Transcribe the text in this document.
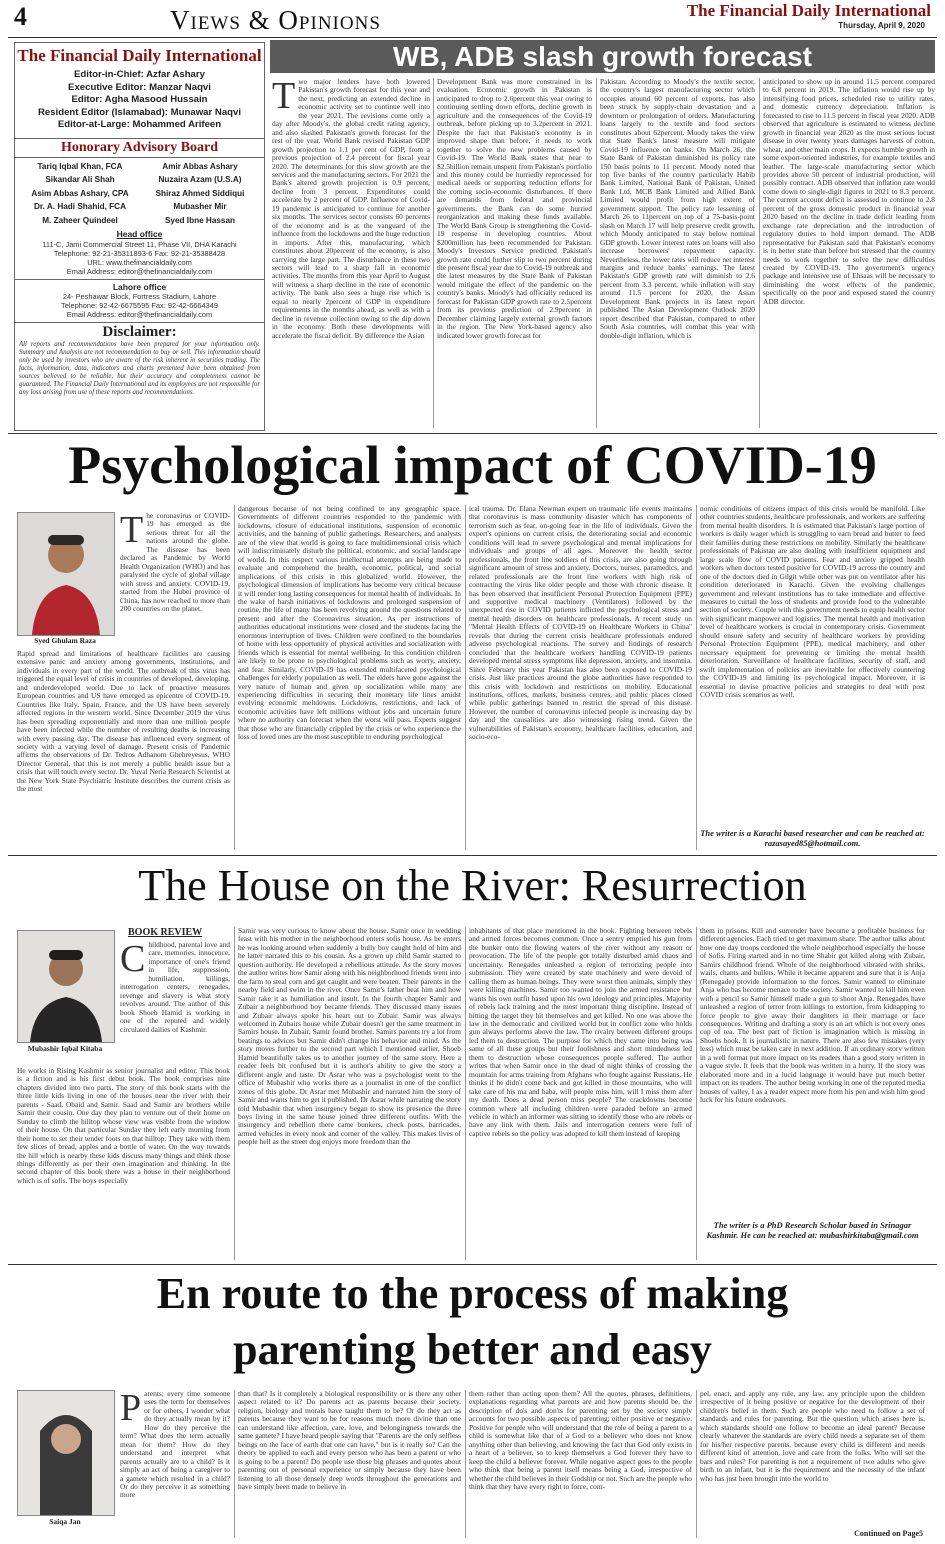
4	Views & Opinions	The Financial Daily International
Thursday, April 9, 2020
The Financial Daily International

Editor-in-Chief: Azfar Ashary

Executive Editor: Manzar Naqvi

Editor: Agha Masood Hussain

Resident Editor (Islamabad): Munawar Naqvi

Editor-at-Large: Mohammed Arifeen

Honorary Advisory Board

Tariq Iqbal Khan, FCA

Sikandar Ali Shah

Asim Abbas Ashary, CPA

Dr. A. Hadi Shahid, FCA

M. Zaheer Quindeel

Amir Abbas Ashary

Nuzaira Azam (U.S.A)

Shiraz Ahmed Siddiqui

Mubasher Mir

Syed Ibne Hassan

Head office

111-C, Jami Commercial Street 11, Phase VII, DHA Karachi

Telephone: 92-21-35311893-6 Fax: 92-21-35388428

URL: www.thefinancialdaily.com

Email Address: editor@thefinancialdaily.com

Lahore office

24- Peshawar Block, Fortress Stadium, Lahore

Telephone: 92-42-6675595 Fax: 92-42-6664349

Email Address: editor@thefinancialdaily.com

Disclaimer:
All reports and recommendations have been prepared for your information only. Summary and Analysis are not recommendation to buy or sell. This information should only be used by investors who are aware of the risk inherent in securities trading. The facts, information, data, indicators and charts presented have been obtained from sources believed to be reliable, but their accuracy and completeness cannot be guaranteed. The Financial Daily International and its employees are not responsible for any loss arising from use of these reports and recommendations.
WB, ADB slash growth forecast
Two major lenders have both lowered Pakistan's growth forecast for this year and the next, predicting an extended decline in economic activity set to continue well into the year 2021. The revisions come only a day after Moody's, the global credit rating agency, and also slashed Pakistan's growth forecast for the rest of the year. World Bank revised Pakistan GDP growth projection to 1.1 per cent of GDP, from a previous projection of 2.4 percent for fiscal year 2020. The determinants for this slow growth are the services and the manufacturing sectors. For 2021 the Bank's altered growth projection is 0.9 percent, decline from 3 percent. Expenditures could accelerate by 2 percent of GDP. Influence of Covid-19 pandemic is anticipated to continue for another six months. The services sector consists 60 percents of the economy and is at the vanguard of the influence from the lockdowns and the huge reduction in imports. After this, manufacturing, which constitutes about 20percent of the economy, is also carrying the large part. The disturbance in these two sectors will lead to a sharp fall in economic activities. The months from this year April to August will witness a sharp decline in the rate of economic activity. The bank also sees a huge rise which is equal to nearly 2percent of GDP in expenditure requirements in the months ahead, as well as with a decline in revenue collection owing to the dip down in the economy. Both these developments will accelerate the fiscal deficit. By difference the Asian
Development Bank was more constrained in its evaluation. Economic growth in Pakistan is anticipated to drop to 2.6percent this year owing to continuing settling down efforts, decline growth in agriculture and the consequences of the Covid-19 outbreak, before picking up to 3.2percent in 2021. Despite the fact that Pakistan's economy is in improved shape than before, it needs to work together to solve the new problems caused by Covid-19. The World Bank states that near to $2.5billion remain unspent from Pakistan's portfolio and this money could be hurriedly reprocessed for medical needs or supporting reduction efforts for the coming socio-economic disturbances. If there are demands from federal and provincial governments, the Bank can do some hurried reorganization and making these funds available. The World Bank Group is strengthening the Covid-19 response in developing countries. About $200million has been recommended for Pakistan. Moody's Investors Service predicted Pakistan's growth rate could further slip to two percent during the present fiscal year due to Covid-19 outbreak and the latest measures by the State Bank of Pakistan would mitigate the effect of the pandemic on the country's banks. Moody's had officially reduced its forecast for Pakistan GDP growth rate to 2.5percent from its previous prediction of 2.9percent in December claiming largely external growth factors in the region. The New York-based agency also indicated lower growth forecast for
Pakistan. According to Moody's the textile sector, the country's largest manufacturing sector which occupies around 60 percent of exports, has also been struck by supply-chain devastation and a downturn or prolongation of orders. Manufacturing loans largely to the textile and food sectors constitutes about 62percent. Moody takes the view that State Bank's latest measure will mitigate Covid-19 influence on banks. On March 26, the State Bank of Pakistan diminished its policy rate 150 basis points to 11 percent. Moody noted that top five banks of the country particularly Habib Bank Limited, National Bank of Pakistan, United Bank Ltd, MCB Bank Limited and Allied Bank Limited would profit from high extent of government support. The policy rate lessening of March 26 to 11percent on top of a 75-basis-point slash on March 17 will help preserve credit growth, which Moody anticipated to stay below nominal GDP growth. Lower interest rates on loans will also increase borrowers' repayment capacity. Nevertheless, the lower rates will reduce net interest margins and reduce banks' earnings. The latest Pakistan's GDP growth rate will diminish to 2.6 percent from 3.3 percent, while inflation will stay around 11.5 percent for 2020, the Asian Development Bank projects in its latest report published The Asian Development Outlook 2020 report described that Pakistan, compared to other South Asia countries, will combat this year with double-digit inflation, which is
anticipated to show up in around 11.5 percent compared to 6.8 percent in 2019. The inflation would rise up by intensifying food prices, scheduled rise to utility rates, and domestic currency depreciation. Inflation is forecasted to rise to 11.5 percent in fiscal year 2020. ADB observed that agriculture is estimated to witness decline growth in financial year 2020 as the most serious locust disease in over twenty years damages harvests of cotton, wheat, and other main crops. It expects humble growth in some export-oriented industries, for example textiles and leather. The large-scale manufacturing sector which provides above 50 percent of industrial production, will possibly contract. ADB observed that inflation rate would come down to single-digit figures in 2021 to 8.3 percent. The current account deficit is assessed to continue to 2.8 percent of the gross domestic product in financial year 2020 based on the decline in trade deficit leading from exchange rate depreciation and the introduction of regulatory duties to hold import demand. The ADB representative for Pakistan said that Pakistan's economy is in better state than before but stressed that the country needs to work together to solve the new difficulties created by COVID-19. The government's urgency package and intensive use of Ehsaas will be necessary to diminishing the worst effects of the pandemic, specifically on the poor and exposed stated the country ADB director.
Psychological impact of COVID-19
Syed Ghulam Raza
The coronavirus or COVID-19 has emerged as the serious threat for all the nations around the globe. The disease has been declared as Pandemic by World Health Organization (WHO) and has paralysed the cycle of global village with stress and anxiety. COVID-19, started from the Hubei province of China, has now reached to more than 200 countries on the planet.
Rapid spread and limitations of healthcare facilities are causing extensive panic and anxiety among governments, institutions, and individuals in every part of the world. The outbreak of this virus has triggered the equal level of crisis in countries of developed, developing, and underdeveloped world. Due to lack of proactive measures European countries and US have emerged as epicentre of COVID-19. Countries like Italy, Spain, France, and the US have been severely affected regions in the western world. Since December 2019 the virus has been spreading exponentially and more than one million people have been infected while the number of resulting deaths is increasing with every passing day. The disease has influenced every segment of society with a varying level of damage. Present crisis of Pandemic affirms the observations of Dr. Tedros Adhanom Ghebreyesus, WHO Director General, that this is not merely a public health issue but a crisis that will touch every sector. Dr. Yuval Neria Research Scientist at the New York State Psychiatric Institute describes the current crisis as the most
dangerous because of not being confined to any geographic space. Governments of different countries responded to the pandemic with lockdowns, closure of educational institutions, suspension of economic activities, and the banning of public gatherings. Researchers, and analysts are of the view that world is going to face multidimensional crisis which will indiscriminately disturb the political, economic, and social landscape of world. In this respect various intellectual attempts are being made to evaluate and comprehend the health, economic, political, and social implications of this crisis in this globalized world. However, the psychological dimension of implications has become very critical because it will render long lasting consequences for mental health of individuals. In the wake of harsh initiatives of lockdowns and prolonged suspension of routine, the life of many has been revolving around the questions related to present and after the Coronavirus situation. As per instructions of authorities educational institutions were closed and the students facing the enormous interruption of lives. Children were confined to the boundaries of home with less opportunity of physical activities and socialization with friends which is essential for mental wellbeing. In this condition children are likely to be prone to psychological problems such as worry, anxiety, and fear. Similarly, COVID-19 has extended multifaceted psychological challenges for elderly population as well. The elders have gone against the very nature of human and given up socialization while many are experiencing difficulties in securing their monetary life lines amidst evolving economic meltdowns. Lockdowns, restrictions, and lack of economic activities have left millions without jobs and uncertain future where no authority can forecast when the worst will pass. Experts suggest that those who are financially crippled by the crisis or who experience the loss of loved ones are the most susceptible to enduring psychological
ical trauma. Dr. Elana Newman expert on traumatic life events maintains that coronavirus is mass community disaster which has components of terrorism such as fear, on-going fear in the life of individuals. Given the expert's opinions on current crisis, the deteriorating social and economic conditions will lead to severe psychological and mental implications for individuals and groups of all ages. Moreover the health sector professionals, the front line soldiers of this crisis, are also going through significant amount of stress and anxiety. Doctors, nurses, paramedics, and related professionals are the front line workers with high risk of contracting the virus like older people and those with chronic disease. It has been observed that insufficient Personal Protection Equipment (PPE) and supportive medical machinery (Ventilators) followed by the unexpected rise in COVID patients inflicted the psychological stress and mental health disorders on healthcare professionals. A recent study on "Mental Health Effects of COVID-19 on Healthcare Workers in China" reveals that during the current crisis healthcare professionals endured adverse psychological reactions. The survey and findings of research concluded that the healthcare workers handling COVID-19 patients developed mental stress symptoms like depression, anxiety, and insomnia. Since February this year Pakistan has also been exposed to COVID-19 crisis. Just like practices around the globe authorities have responded to this crisis with lockdown and restrictions on mobility. Educational institutions, offices, markets, business centres, and public places closed while public gatherings banned to restrict the spread of this disease. However, the number of coronavirus infected people is increasing day by day and the causalities are also witnessing rising trend. Given the vulnerabilities of Pakistan's economy, healthcare facilities, education, and socio-eco-
nomic conditions of citizens impact of this crisis would be manifold. Like other countries students, healthcare professionals, and workers are suffering from mental health disorders. It is estimated that Pakistan's large portion of workers is daily wager which is struggling to earn bread and butter to feed their families during these restrictions on mobility. Similarly the healthcare professionals of Pakistan are also dealing with insufficient equipment and large scale flow of COVID patients. Fear and anxiety gripped health workers when doctors tested positive for COVID-19 across the country and one of the doctors died in Gilgit while other was put on ventilator after his condition deteriorated in Karachi. Given the evolving challenges government and relevant institutions has to take immediate and effective measures to curtail the loss of students and provide food to the vulnerable section of society. Couple with this government needs to equip health sector with significant manpower and logistics. The mental health and motivation level of healthcare workers is crucial in contemporary crisis. Government should ensure safety and security of healthcare workers by providing Personal Protection Equipment (PPE), medical machinery, and other necessary equipment for preventing or limiting the mental health deterioration. Surveillance of healthcare facilities, security of staff, and swift implementation of policies are inevitable for effectively countering the COVID-19 and limiting its psychological impact. Moreover, it is essential to devise proactive policies and strategies to deal with post COVID crisis scenarios as well.
The writer is a Karachi based researcher and can be reached at: razasayed85@hotmail.com.
The House on the River: Resurrection
Mubashir Iqbal Kitaba
BOOK REVIEW
Childhood, parental love and care, memories, innocence, importance of one's friend in life, suppression, humiliation, killings, interrogation centers, renegades, revenge and slavery is what story revolves around. The author of this book Shoeb Hamid is working in one of the reputed and widely circulated dailies of Kashmir.
He works in Rising Kashmir as senior journalist and editor. This book is a fiction and is his first debut book. The book comprises nine chapters divided into two parts. The story of this book starts with the three little kids living in one of the houses near the river with their parents - Saad, Obaid and Samir. Saad and Samir are brothers while Samir their cousin. One day they plan to venture out of their home on Sunday to climb the hilltop whose view was visible from the window of their house. On that particular Sunday they left early morning from their home to set their tender foots on that hilltop. They take with them few slices of bread, apples and a bottle of water. On the way towards the hill which is nearby these kids discuss many things and think those things differently as per their own imagination and thinking. In the second chapter of this book there was a house in their neighborhood which is of sofis. The boys especially
Samir was very curious to know about the house. Samir once in wedding feast with his mother in the neighborhood enters sofis house. As he enters he was looking around when suddenly a bully boy caught hold of him and he latter narrated this to his cousin. As a grown up child Samir started to question authority. He developed a rebellious attitude. As the story moves the author writes how Samir along with his neighborhood friends went into the farm to steal corn and get caught and were beaten. Their parents in the nearby field and swim in the river. Once Samir's father beat him and how Samir take it as humiliation and insult. In the fourth chapter Samir and Zubair a neighborhood boy became friends. They discussed many issues and Zubair always spoke his heart out to Zubair. Samir was always welcomed in Zubairs house while Zubair doesn't get the same treatment in Samirs house. In Zubair, Samir found brother. Samirs parents try a lot from beatings to advices but Samir didn't change his behavior and mind. As the story moves further to the second part which I mentioned earlier, Shoeb Hamid beautifully takes us to another journey of the same story. Here a reader feels bit confused but it is author's ability to give the story a different angle and taste. Dr Asrar who was a psychologist went to the office of Mubashir who works there as a journalist in one of the conflict zones of this globe. Dr Asrar met Mubashir and narrated him the story of Samir and wants him to get it published. Dr Asrar while narrating the story told Mubashir that when insurgency began to show its presence the three boys living in the same house joined three different outfits. With the insurgency and rebellion there came bunkers, check posts, barricades, armed vehicles in every nook and corner of the valley. This makes lives of people hell as the street dog enjoys more freedom than the
inhabitants of that place mentioned in the book. Fighting between rebels and armed forces becomes common. Once a sentry emptied his gun from the bunker onto the flowing waters of the river without any reason or provocation. The life of the people got totally disturbed amid chaos and uncertainty. Renegades unleashed a region of terrorizing people into submission. They were created by state machinery and were devoid of calling them as human beings. They were worst then animals, simply they were killing machines. Samir too wanted to join the armed resistance but wants his own outfit based upon his own ideology and principles. Majority of rebels lack training and the most important thing discipline. Instead of hitting the target they hit themselves and get killed. No one was above the law in the democratic and civilized world but in conflict zone who holds gun always performs above the law. The rivalry between different groups led them to destruction. The purpose for which they came into being was same of all these groups but their foolishness and short mindedness led them to destruction whose consequences people suffered. The author writes that when Samir once in the dead of night thinks of crossing the mountain for arms training from Afghans who fought against Russians. He thinks if he didn't come back and got killed in those mountains, who will take care of his ma and baba, will people miss him, will I miss them after my death. Does a dead person miss people? The crackdowns become common where all including children were paraded before an armed vehicle in which an informer was sitting to identify those who are rebels or have any link with them. Jails and interrogation centers were full of captive rebels so the policy was adopted to kill them instead of keeping
them in prisons. Kill and surrender have become a profitable business for different agencies. Each tried to get maximum share. The author talks about how one day troops cordoned the whole neighborhood especially the house of Sofis. Firing started and in no time Shabir got killed along with Zubair, Samirs childhood friend. Whole of the neighborhood vibrated with shriks, wails, chants and bullets. While it became apparent and sure that it is Anja (Renegade) provide information to the forces. Samir wanted to eliminate Anja who has become menace to the society. Samir wanted to kill him even with a pencil so Samir himself made a gun to shoot Anja. Renegades have unleashed a region of terror from killings to extortion, from kidnapping to force people to give away their daughters in their marriage or face consequences. Writing and drafting a story is an art which is not every ones cup of tea. The best part of fiction is imagination which is missing in Shoebs book. It is journalistic in nature. There are also few mistakes (very less) which must be taken care in next addition. If an ordinary story written in a well format put more impact on its readers than a good story written in a vague style. It feels that the book was written in a hurry. If the story was elaborated more and in a lucid language it would have put much better impact on its readers. The author being working in one of the reputed media houses of valley, I as a reader expect more from his pen and wish him good luck for his future endeavors.
The writer is a PhD Research Scholar based in Srinagar Kashmir. He can be reached at: mubashirkitaba@gmail.com
En route to the process of making
parenting better and easy
Saiqa Jan
Parents; every time someone uses the term for themselves or for others, I wonder what do they actually mean by it? How do they perceive the term? What does the term actually mean for them? How do they understand and interpret what parents actually are to a child? Is it simply an act of being a caregiver to a gamete which resulted in a child? Or do they perceive it as something more
than that? Is it completely a biological responsibility or is there any other aspect related to it? Do parents act as parents because their society, religion, biology and morals have taught them to be? Or do they act as parents because they want to be for reasons much more divine than one can understand like affection, care, love, and belongingness towards the same gamete? I have heard people saying that "Parents are the only selfless beings on the face of earth that one can have," but is it really so? Can the theory be applied to each and every person who has been a parent or who is going to be a parent? Do people use those big phrases and quotes about parenting out of personal experience or simply because they have been listening to all those densely deep words throughout the generations and have simply been made to believe in
them rather than acting upon them? All the quotes, phrases, definitions, explanations regarding what parents are and how parents should be, the description of do's and don'ts for parenting set by the society simply accounts for two possible aspects of parenting; either positive or negative. Positive for people who will understand that the role of being a parent to a child is somewhat like that of a God to a believer who does not know anything other than believing, and knowing the fact that God only exists in a heart of a believer, so to keep themselves a God forever they have to keep the child a believer forever. While negative aspect goes to the people who think that being a parent itself means being a God, irrespective of whether the child believes in their Godship or not. Such are the people who think that they have every right to force, com-
pel, enact, and apply any rule, any law, any principle upon the children irrespective of it being positive or negative for the development of their children's belief in them. Such are people who need to follow a set of standards and rules for parenting. But the question which arises here is, which standards should one follow to become an ideal parent? Because clearly whatever the standards are every child needs a separate set of them for his/her respective parents, because every child is different and needs different kind of attention, love and care from the folks. Who will set the bars and rules? For parenting is not a requirement of two adults who give birth to an infant, but it is the requirement and the necessity of the infant who has just been brought into the world to
Continued on Page5
